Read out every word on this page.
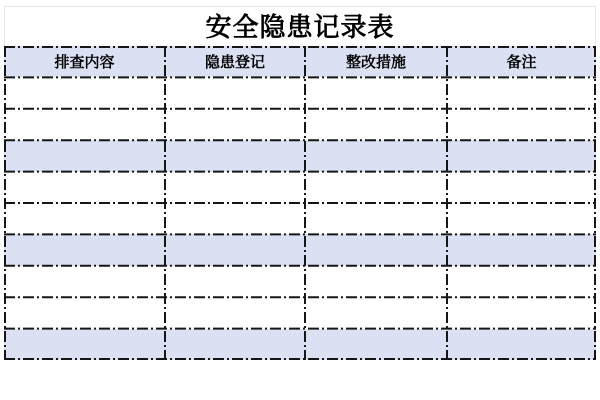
安全隐患记录表
排查内容	隐患登记	整改措施	备注
